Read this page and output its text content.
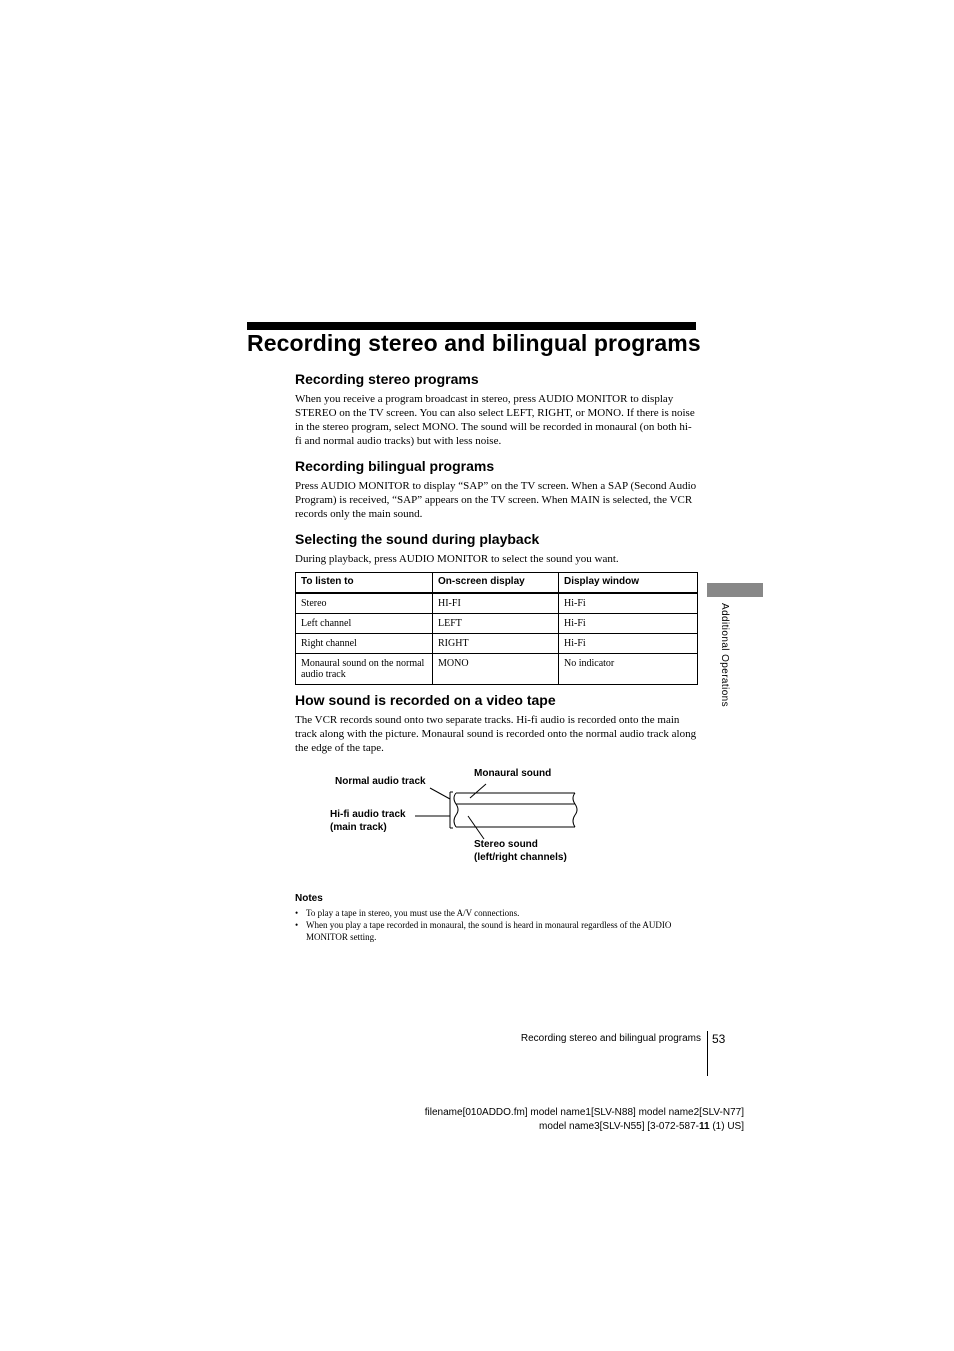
Recording stereo and bilingual programs
Recording stereo programs

When you receive a program broadcast in stereo, press AUDIO MONITOR to display STEREO on the TV screen. You can also select LEFT, RIGHT, or MONO. If there is noise in the stereo program, select MONO. The sound will be recorded in monaural (on both hi-fi and normal audio tracks) but with less noise.

Recording bilingual programs

Press AUDIO MONITOR to display “SAP” on the TV screen. When a SAP (Second Audio Program) is received, “SAP” appears on the TV screen. When MAIN is selected, the VCR records only the main sound.

Selecting the sound during playback

During playback, press AUDIO MONITOR to select the sound you want.

To listen to	On-screen display	Display window
Stereo	HI-FI	Hi-Fi
Left channel	LEFT	Hi-Fi
Right channel	RIGHT	Hi-Fi
Monaural sound on the normal audio track	MONO	No indicator
How sound is recorded on a video tape

The VCR records sound onto two separate tracks. Hi-fi audio is recorded onto the main track along with the picture. Monaural sound is recorded onto the normal audio track along the edge of the tape.

Monaural sound
Normal audio track
Hi-fi audio track
(main track)
Stereo sound
(left/right channels)
Notes
• To play a tape in stereo, you must use the A/V connections.
• When you play a tape recorded in monaural, the sound is heard in monaural regardless of the AUDIO MONITOR setting.
Additional Operations
Recording stereo and bilingual programs 53
filename[010ADDO.fm] model name1[SLV-N88] model name2[SLV-N77]
model name3[SLV-N55] [3-072-587-11 (1) US]
